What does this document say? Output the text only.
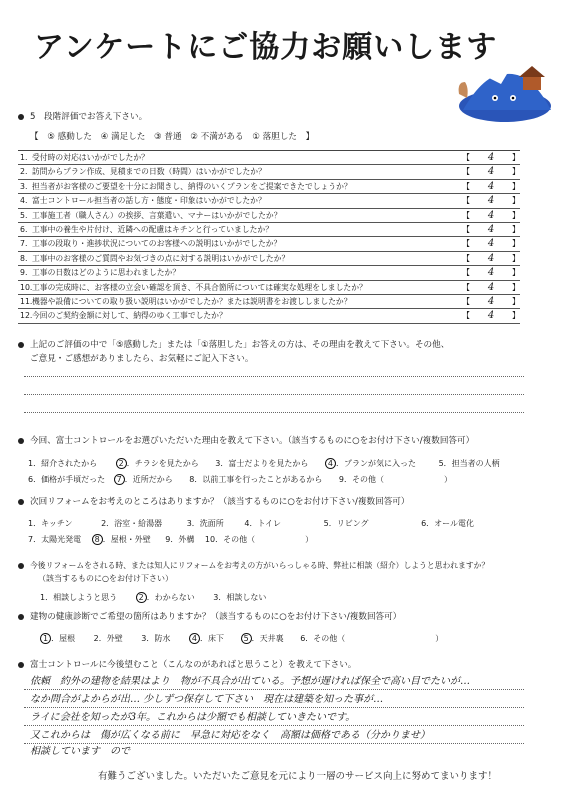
アンケートにご協力お願いします
5　段階評価でお答え下さい。
【　⑤ 感動した　④ 満足した　③ 普通　② 不満がある　① 落胆した　】
1. 受付時の対応はいかがでしたか？	【 4 】
2. 訪問からプラン作成、見積までの日数（時間）はいかがでしたか？	【 4 】
3. 担当者がお客様のご要望を十分にお聞きし、納得のいくプランをご提案できたでしょうか？	【 4 】
4. 富士コントロール担当者の話し方・態度・印象はいかがでしたか？	【 4 】
5. 工事施工者（職人さん）の挨拶、言葉遣い、マナーはいかがでしたか？	【 4 】
6. 工事中の養生や片付け、近隣への配慮はキチンと行っていましたか？	【 4 】
7. 工事の段取り・進捗状況についてのお客様への説明はいかがでしたか？	【 4 】
8. 工事中のお客様のご質問やお気づきの点に対する説明はいかがでしたか？	【 4 】
9. 工事の日数はどのように思われましたか？	【 4 】
10. 工事の完成時に、お客様の立会い確認を頂き、不具合箇所については確実な処理をしましたか？	【 4 】
11. 機器や設備についての取り扱い説明はいかがでしたか？または説明書をお渡ししましたか？	【 4 】
12. 今回のご契約金額に対して、納得のゆく工事でしたか？	【 4 】
上記のご評価の中で「⑤感動した」または「①落胆した」お答えの方は、その理由を教えて下さい。その他、
ご意見・ご感想がありましたら、お気軽にご記入下さい。
今回、富士コントロールをお選びいただいた理由を教えて下さい。（該当するものに○をお付け下さい/複数回答可）
1．紹介されたから	2 ．チラシを見たから 3．富士だよりを見たから 4 ．プランが気に入った	5．担当者の人柄
6．価格が手頃だった 7 ．近所だから 8．以前工事を行ったことがあるから 9．その他（	）
次回リフォームをお考えのところはありますか？（該当するものに○をお付け下さい/複数回答可）
1．キッチン	2．浴室・給湯器	3．洗面所	4．トイレ	5．リビング	6．オール電化
7．太陽光発電 8 ．屋根・外壁 9．外構 10．その他（	）
今後リフォームをされる時、または知人にリフォームをお考えの方がいらっしゃる時、弊社に相談（紹介）しようと思われますか？
（該当するものに○をお付け下さい）
1．相談しようと思う	2 ．わからない 3．相談しない
建物の健康診断でご希望の箇所はありますか？（該当するものに○をお付け下さい/複数回答可）
1 ．屋根 2．外壁 3．防水	4 ．床下 5 ．天井裏 6．その他（	）
富士コントロールに今後望むこと（こんなのがあればと思うこと）を教えて下さい。
依頼　約外の建物を結果はより　物が不具合が出ている。予想が遅ければ保全で高い目でたいが…
なか問合がよからが出… 少しずつ保存して下さい　現在は建築を知った事が…
ライに会社を知ったが3年。これからは少額でも相談していきたいです。
又これからは　傷が広くなる前に　早急に対応をなく　高額は価格である（分かりませ）
相談しています　ので
有難うございました。いただいたご意見を元により一層のサービス向上に努めてまいります！
